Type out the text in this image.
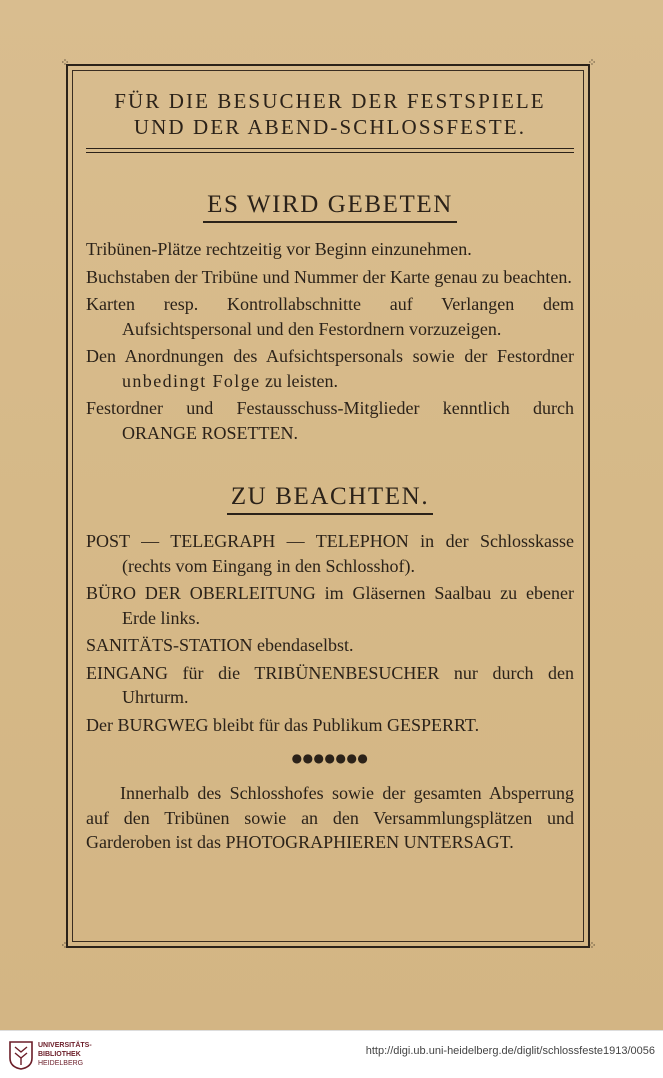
⁘
⁘
⁘
⁘

FÜR DIE BESUCHER DER FESTSPIELE

UND DER ABEND-SCHLOSSFESTE.

ES WIRD GEBETEN

Tribünen-Plätze rechtzeitig vor Beginn einzunehmen.

Buchstaben der Tribüne und Nummer der Karte genau zu beachten.

Karten resp. Kontrollabschnitte auf Verlangen dem Aufsichtspersonal und den Festordnern vorzuzeigen.

Den Anordnungen des Aufsichtspersonals sowie der Festordner unbedingt Folge zu leisten.

Festordner und Festausschuss-Mitglieder kenntlich durch ORANGE ROSETTEN.

ZU BEACHTEN.

POST — TELEGRAPH — TELEPHON in der Schlosskasse (rechts vom Eingang in den Schlosshof).

BÜRO DER OBERLEITUNG im Gläsernen Saalbau zu ebener Erde links.

SANITÄTS-STATION ebendaselbst.

EINGANG für die TRIBÜNENBESUCHER nur durch den Uhrturm.

Der BURGWEG bleibt für das Publikum GESPERRT.

●●●●●●●

Innerhalb des Schlosshofes sowie der gesamten Absperrung auf den Tribünen sowie an den Versammlungsplätzen und Garderoben ist das PHOTOGRAPHIEREN UNTERSAGT.

UNIVERSITÄTS-
BIBLIOTHEK
HEIDELBERG
http://digi.ub.uni-heidelberg.de/diglit/schlossfeste1913/0056
